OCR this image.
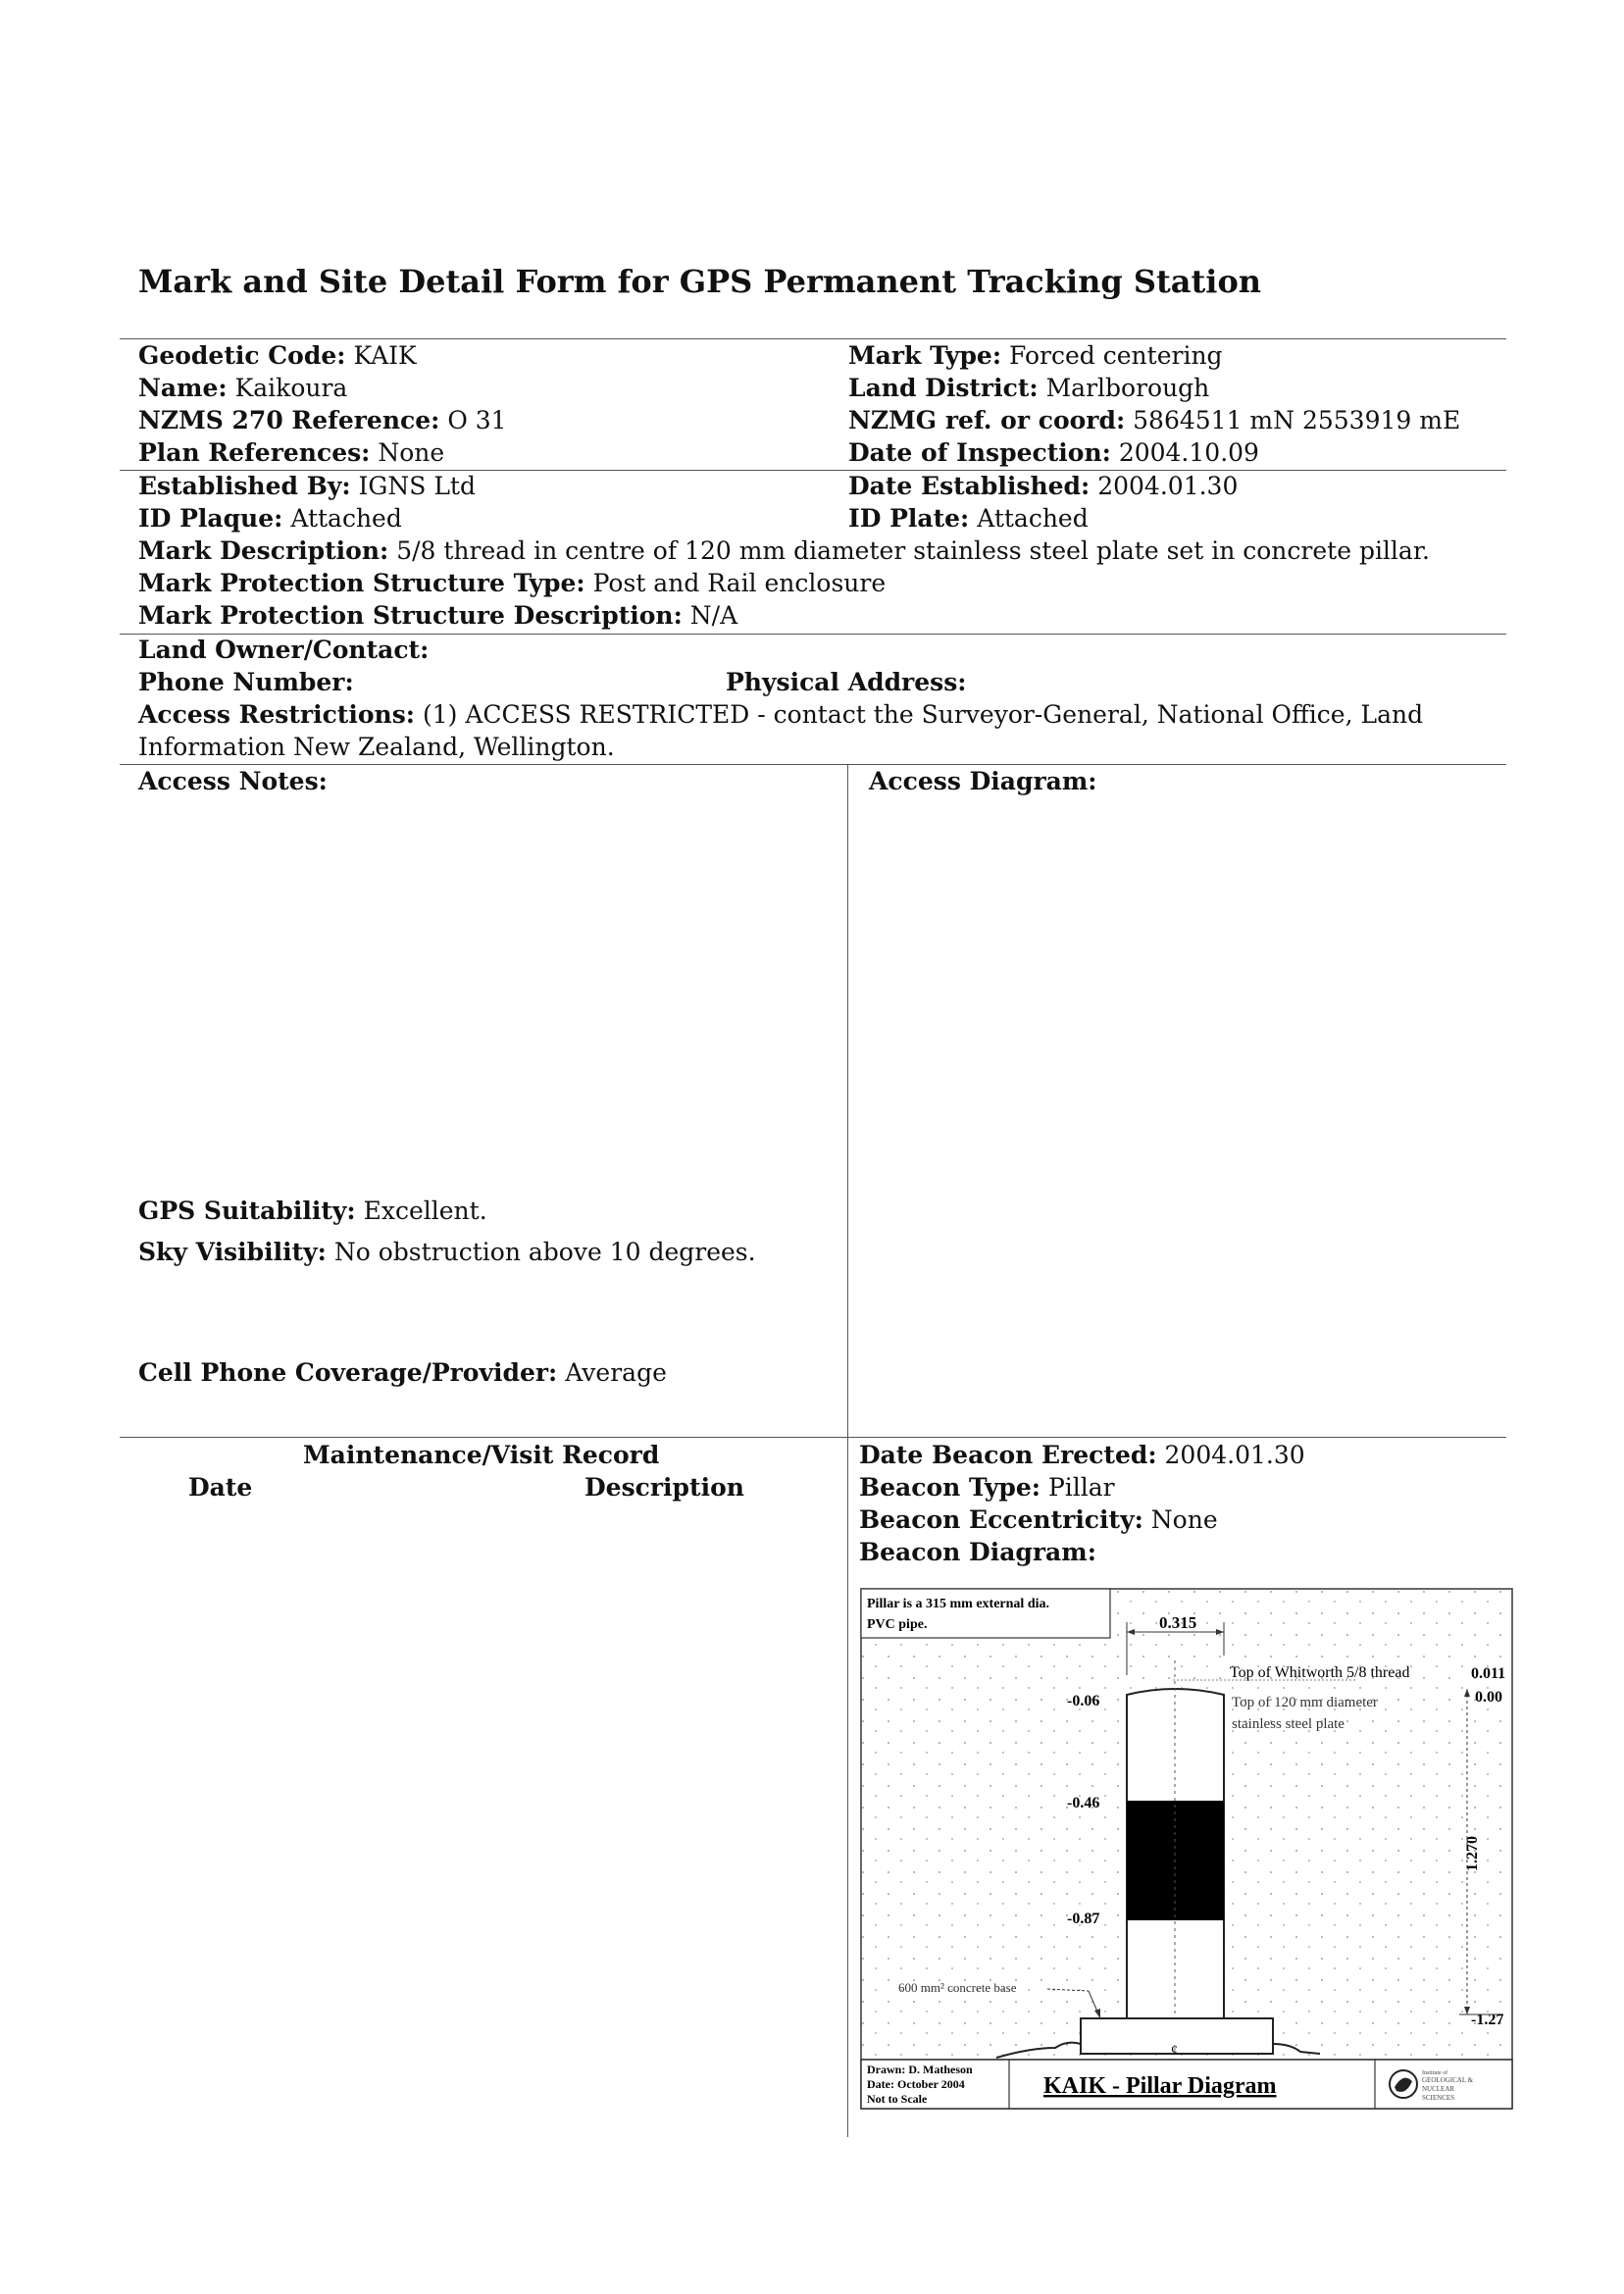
Mark and Site Detail Form for GPS Permanent Tracking Station
Geodetic Code: KAIK	Mark Type: Forced centering
Name: Kaikoura	Land District: Marlborough
NZMS 270 Reference: O 31	NZMG ref. or coord: 5864511 mN 2553919 mE
Plan References: None	Date of Inspection: 2004.10.09
Established By: IGNS Ltd	Date Established: 2004.01.30
ID Plaque: Attached	ID Plate: Attached
Mark Description: 5/8 thread in centre of 120 mm diameter stainless steel plate set in concrete pillar.
Mark Protection Structure Type: Post and Rail enclosure
Mark Protection Structure Description: N/A
Land Owner/Contact:
Phone Number:	Physical Address:
Access Restrictions: (1) ACCESS RESTRICTED - contact the Surveyor-General, National Office, Land
Information New Zealand, Wellington.
Access Notes:	Access Diagram:
GPS Suitability: Excellent.
Sky Visibility: No obstruction above 10 degrees.
Cell Phone Coverage/Provider: Average
Maintenance/Visit Record
Date	Description
Date Beacon Erected: 2004.01.30
Beacon Type: Pillar
Beacon Eccentricity: None
Beacon Diagram:
Pillar is a 315 mm external dia.
PVC pipe.	0.315
Top of Whitworth 5/8 thread	0.011
Top of 120 mm diameter
stainless steel plate
0.00
1.270
-1.27
-0.06
-0.46
-0.87
600 mm² concrete base
¢
Drawn: D. Matheson
Date: October 2004
Not to Scale	KAIK - Pillar Diagram	Institute of
GEOLOGICAL &
NUCLEAR
SCIENCES
